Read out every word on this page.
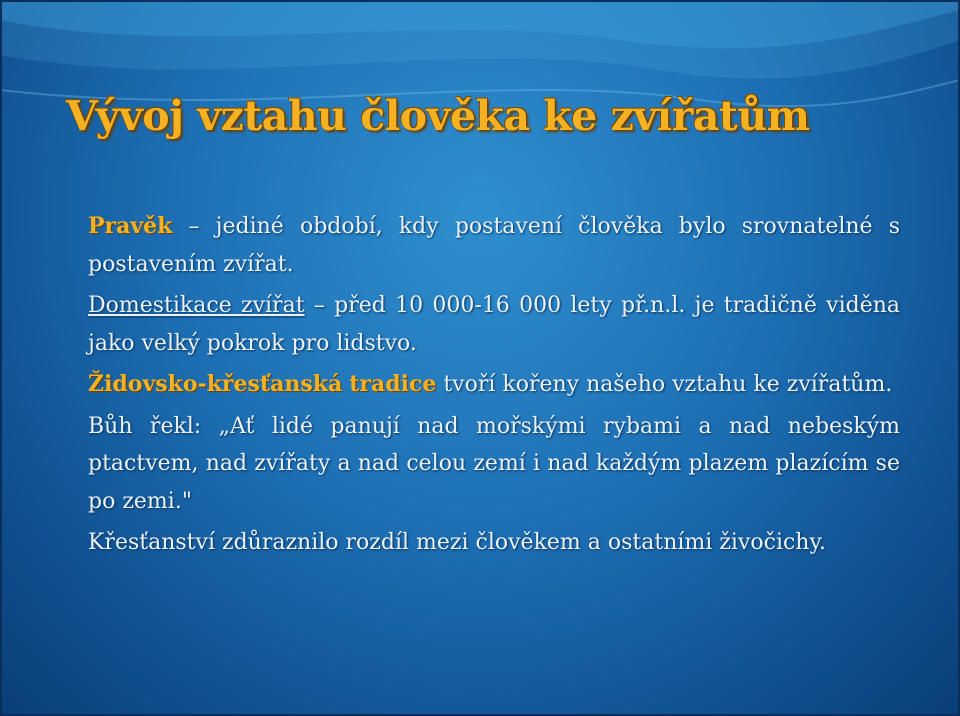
Vývoj vztahu člověka ke zvířatům

Pravěk – jediné období, kdy postavení člověka bylo srovnatelné s postavením zvířat.

Domestikace zvířat – před 10 000-16 000 lety př.n.l. je tradičně viděna jako velký pokrok pro lidstvo.

Židovsko-křesťanská tradice tvoří kořeny našeho vztahu ke zvířatům.

Bůh řekl: „Ať lidé panují nad mořskými rybami a nad nebeským ptactvem, nad zvířaty a nad celou zemí i nad každým plazem plazícím se po zemi."

Křesťanství zdůraznilo rozdíl mezi člověkem a ostatními živočichy.
